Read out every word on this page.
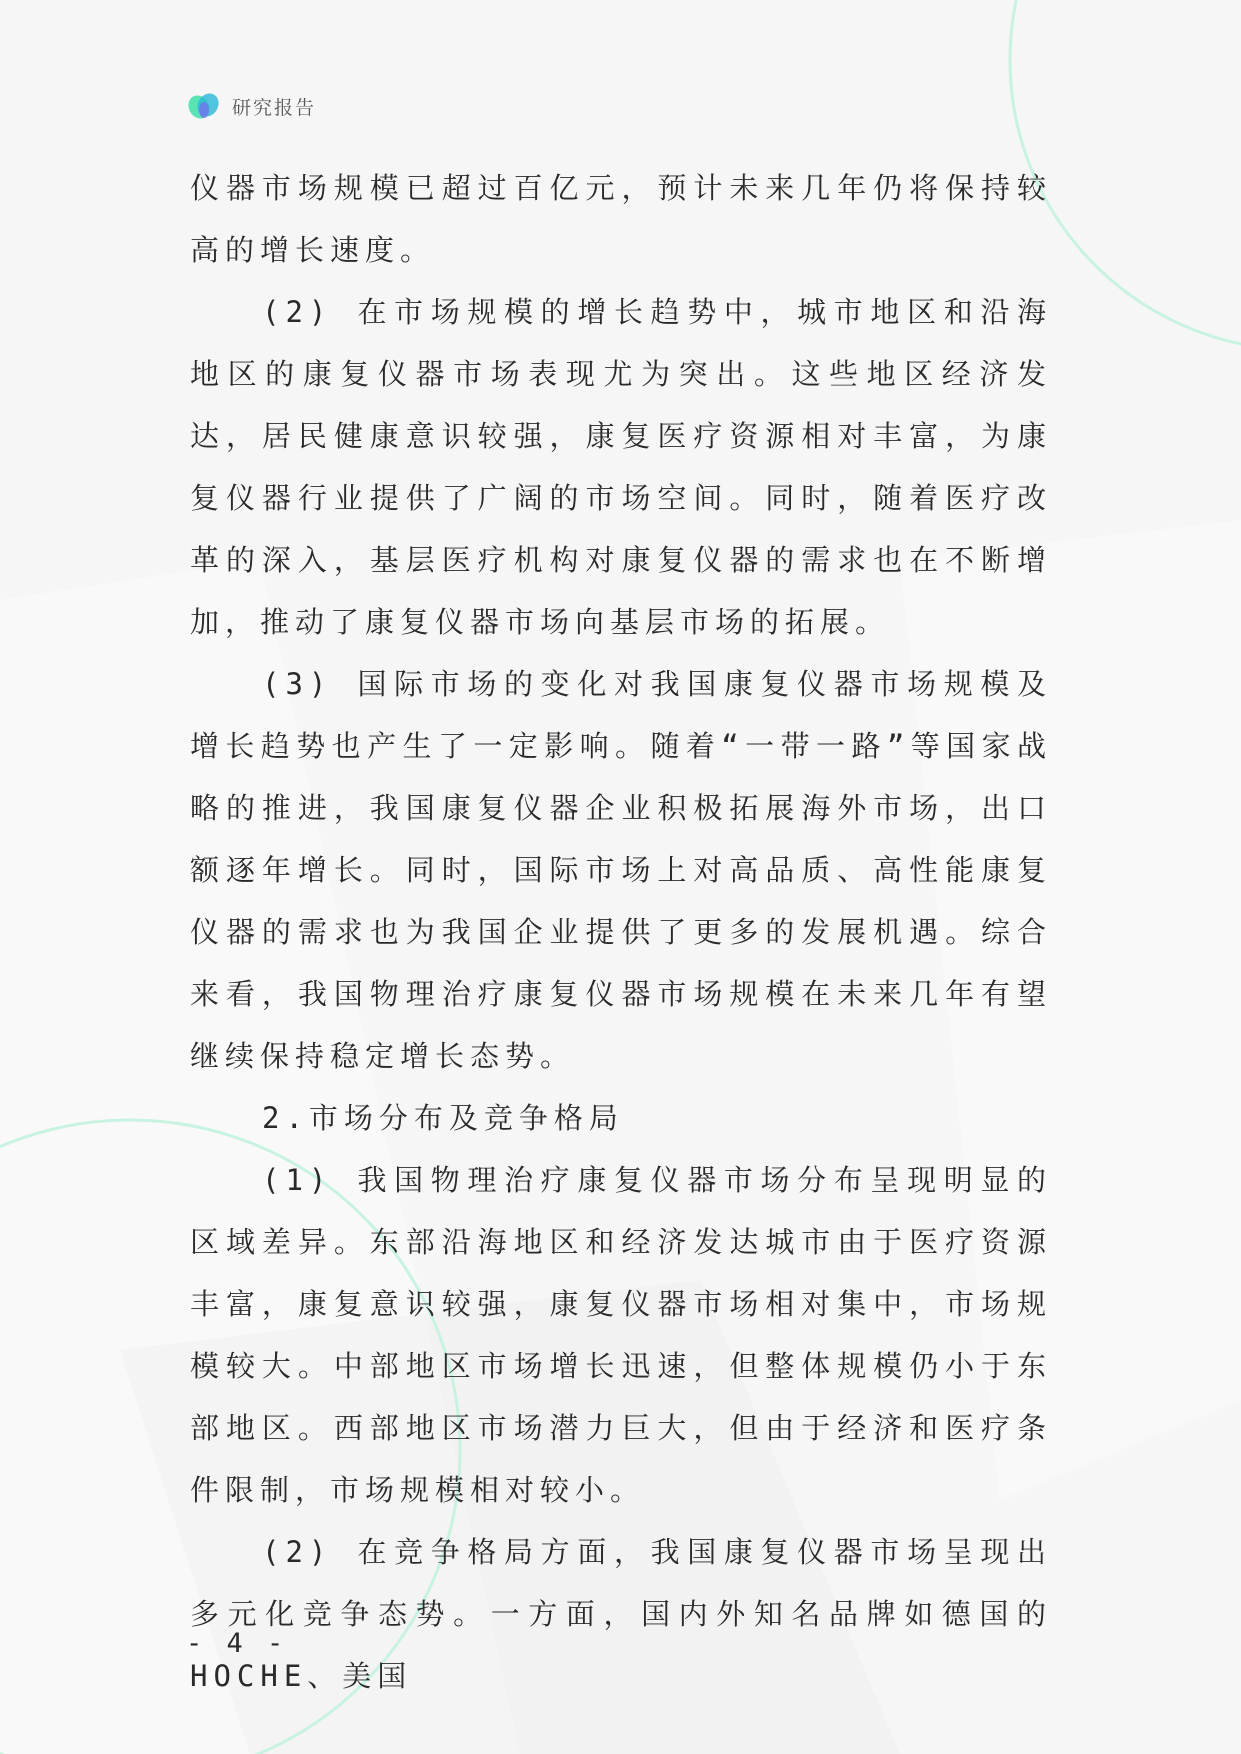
研究报告

仪器市场规模已超过百亿元，预计未来几年仍将保持较高的增长速度。

(2) 在市场规模的增长趋势中，城市地区和沿海地区的康复仪器市场表现尤为突出。这些地区经济发达，居民健康意识较强，康复医疗资源相对丰富，为康复仪器行业提供了广阔的市场空间。同时，随着医疗改革的深入，基层医疗机构对康复仪器的需求也在不断增加，推动了康复仪器市场向基层市场的拓展。

(3) 国际市场的变化对我国康复仪器市场规模及增长趋势也产生了一定影响。随着“一带一路”等国家战略的推进，我国康复仪器企业积极拓展海外市场，出口额逐年增长。同时，国际市场上对高品质、高性能康复仪器的需求也为我国企业提供了更多的发展机遇。综合来看，我国物理治疗康复仪器市场规模在未来几年有望继续保持稳定增长态势。

2.市场分布及竞争格局

(1) 我国物理治疗康复仪器市场分布呈现明显的区域差异。东部沿海地区和经济发达城市由于医疗资源丰富，康复意识较强，康复仪器市场相对集中，市场规模较大。中部地区市场增长迅速，但整体规模仍小于东部地区。西部地区市场潜力巨大，但由于经济和医疗条件限制，市场规模相对较小。

(2) 在竞争格局方面，我国康复仪器市场呈现出多元化竞争态势。一方面，国内外知名品牌如德国的HOCHE、美国

- 4 -
